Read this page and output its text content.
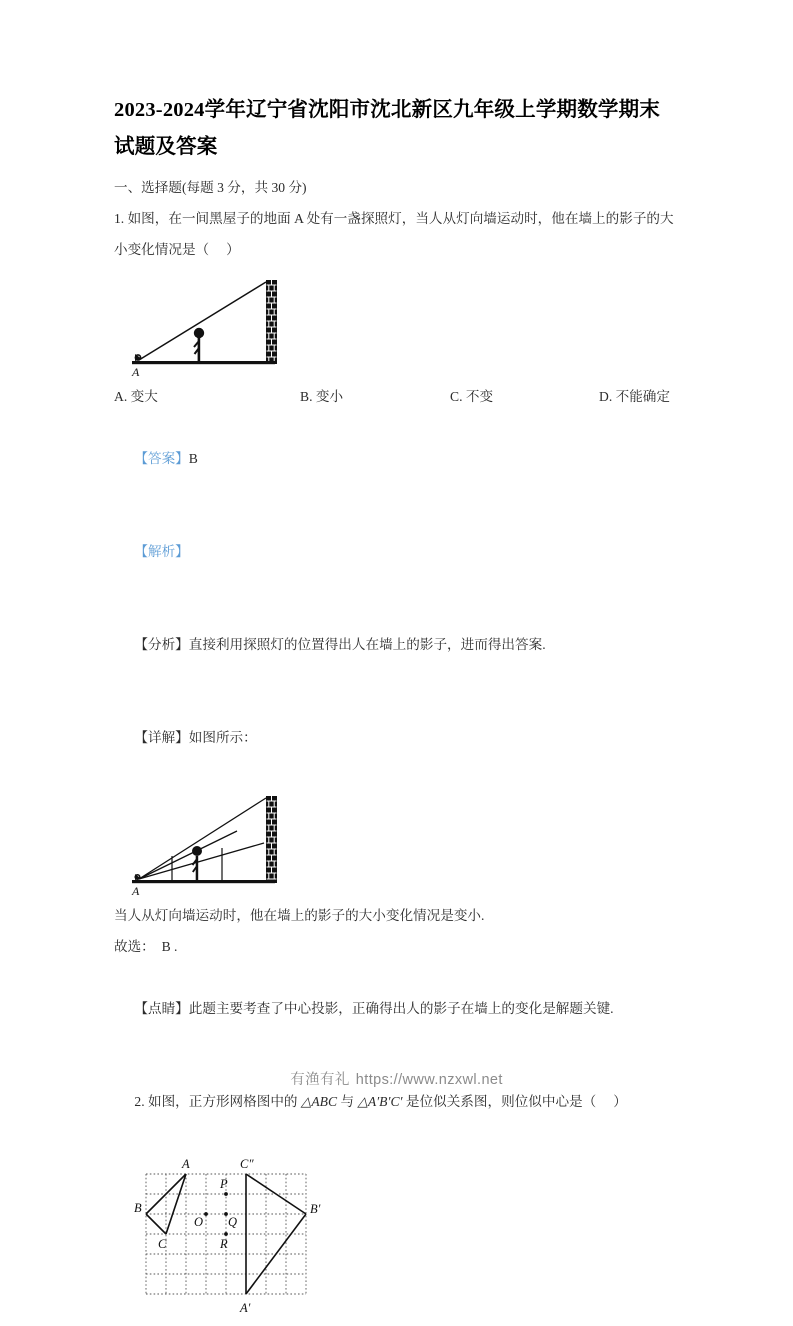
2023-2024学年辽宁省沈阳市沈北新区九年级上学期数学期末试题及答案
一、选择题(每题 3 分，共 30 分)
1. 如图，在一间黑屋子的地面 A 处有一盏探照灯，当人从灯向墙运动时，他在墙上的影子的大小变化情况是（     ）
A
A. 变大	B. 变小	C. 不变	D. 不能确定

【答案】B

【解析】

【分析】直接利用探照灯的位置得出人在墙上的影子，进而得出答案.

【详解】如图所示：

A
当人从灯向墙运动时，他在墙上的影子的大小变化情况是变小.
故选：  B .

【点睛】此题主要考查了中心投影，正确得出人的影子在墙上的变化是解题关键.

2. 如图，正方形网格图中的 △ABC 与 △A′B′C′ 是位似关系图，则位似中心是（     ）

A
B
C
A′
B′
C″
P
O Q
R
有渔有礼 https://www.nzxwl.net
